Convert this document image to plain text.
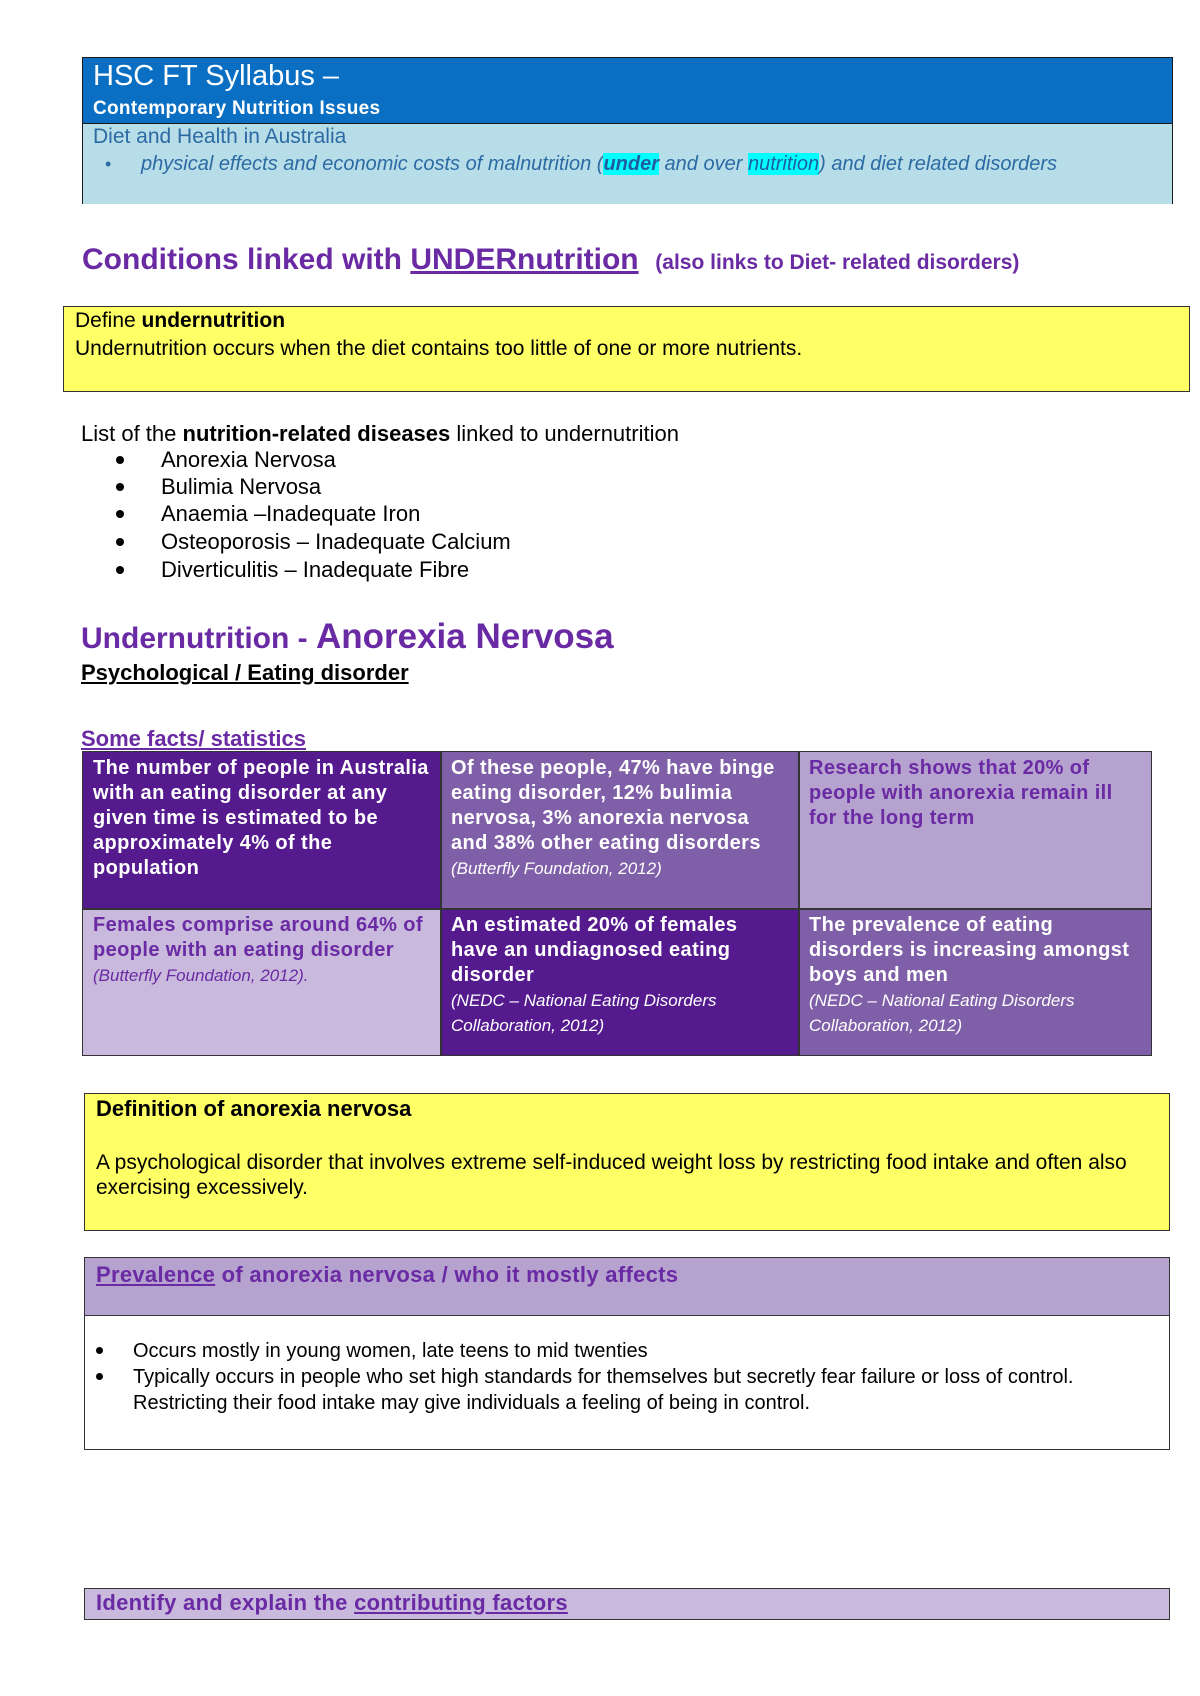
HSC FT Syllabus –
Contemporary Nutrition Issues
Diet and Health in Australia
• physical effects and economic costs of malnutrition (under and over nutrition) and diet related disorders
Conditions linked with UNDERnutrition (also links to Diet- related disorders)
Define undernutrition
Undernutrition occurs when the diet contains too little of one or more nutrients.
List of the nutrition-related diseases linked to undernutrition
Anorexia Nervosa
Bulimia Nervosa
Anaemia –Inadequate Iron
Osteoporosis – Inadequate Calcium
Diverticulitis – Inadequate Fibre
Undernutrition - Anorexia Nervosa
Psychological / Eating disorder
Some facts/ statistics
The number of people in Australia with an eating disorder at any given time is estimated to be approximately 4% of the population
Of these people, 47% have binge eating disorder, 12% bulimia nervosa, 3% anorexia nervosa and 38% other eating disorders (Butterfly Foundation, 2012)
Research shows that 20% of people with anorexia remain ill for the long term
Females comprise around 64% of people with an eating disorder (Butterfly Foundation, 2012).
An estimated 20% of females have an undiagnosed eating disorder
(NEDC – National Eating Disorders Collaboration, 2012)
The prevalence of eating disorders is increasing amongst boys and men
(NEDC – National Eating Disorders Collaboration, 2012)
Definition of anorexia nervosa
A psychological disorder that involves extreme self-induced weight loss by restricting food intake and often also exercising excessively.
Prevalence of anorexia nervosa / who it mostly affects
Occurs mostly in young women, late teens to mid twenties
Typically occurs in people who set high standards for themselves but secretly fear failure or loss of control. Restricting their food intake may give individuals a feeling of being in control.
Identify and explain the contributing factors
